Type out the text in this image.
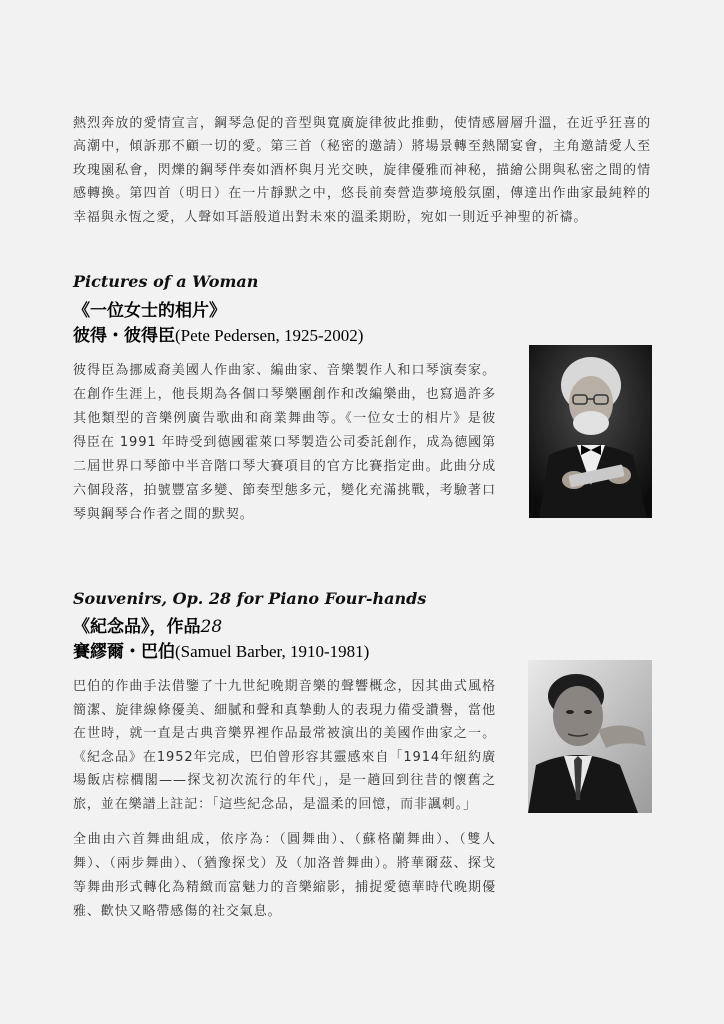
熱烈奔放的愛情宣言，鋼琴急促的音型與寬廣旋律彼此推動，使情感層層升溫，在近乎狂喜的高潮中，傾訴那不顧一切的愛。第三首（秘密的邀請）將場景轉至熱鬧宴會，主角邀請愛人至玫瑰園私會，閃爍的鋼琴伴奏如酒杯與月光交映，旋律優雅而神秘，描繪公開與私密之間的情感轉換。第四首（明日）在一片靜默之中，悠長前奏營造夢境般氛圍，傳達出作曲家最純粹的幸福與永恆之愛，人聲如耳語般道出對未來的溫柔期盼，宛如一則近乎神聖的祈禱。
Pictures of a Woman
《一位女士的相片》
彼得・彼得臣(Pete Pedersen, 1925-2002)
彼得臣為挪威裔美國人作曲家、編曲家、音樂製作人和口琴演奏家。在創作生涯上，他長期為各個口琴樂團創作和改編樂曲，也寫過許多其他類型的音樂例廣告歌曲和商業舞曲等。《一位女士的相片》是彼得臣在 1991 年時受到德國霍萊口琴製造公司委託創作，成為德國第二屆世界口琴節中半音階口琴大賽項目的官方比賽指定曲。此曲分成六個段落，拍號豐富多變、節奏型態多元，變化充滿挑戰，考驗著口琴與鋼琴合作者之間的默契。
Souvenirs, Op. 28 for Piano Four-hands
《紀念品》，作品28
賽繆爾・巴伯(Samuel Barber, 1910-1981)
巴伯的作曲手法借鑒了十九世紀晚期音樂的聲響概念，因其曲式風格簡潔、旋律線條優美、細膩和聲和真摯動人的表現力備受讚譽，當他在世時，就一直是古典音樂界裡作品最常被演出的美國作曲家之一。《紀念品》在1952年完成，巴伯曾形容其靈感來自「1914年紐約廣場飯店棕櫚閣——探戈初次流行的年代」，是一趟回到往昔的懷舊之旅，並在樂譜上註記：「這些紀念品，是溫柔的回憶，而非諷刺。」
全曲由六首舞曲組成，依序為：（圓舞曲）、（蘇格蘭舞曲）、（雙人舞）、（兩步舞曲）、（猶豫探戈）及（加洛普舞曲）。將華爾茲、探戈等舞曲形式轉化為精緻而富魅力的音樂縮影，捕捉愛德華時代晚期優雅、歡快又略帶感傷的社交氣息。
